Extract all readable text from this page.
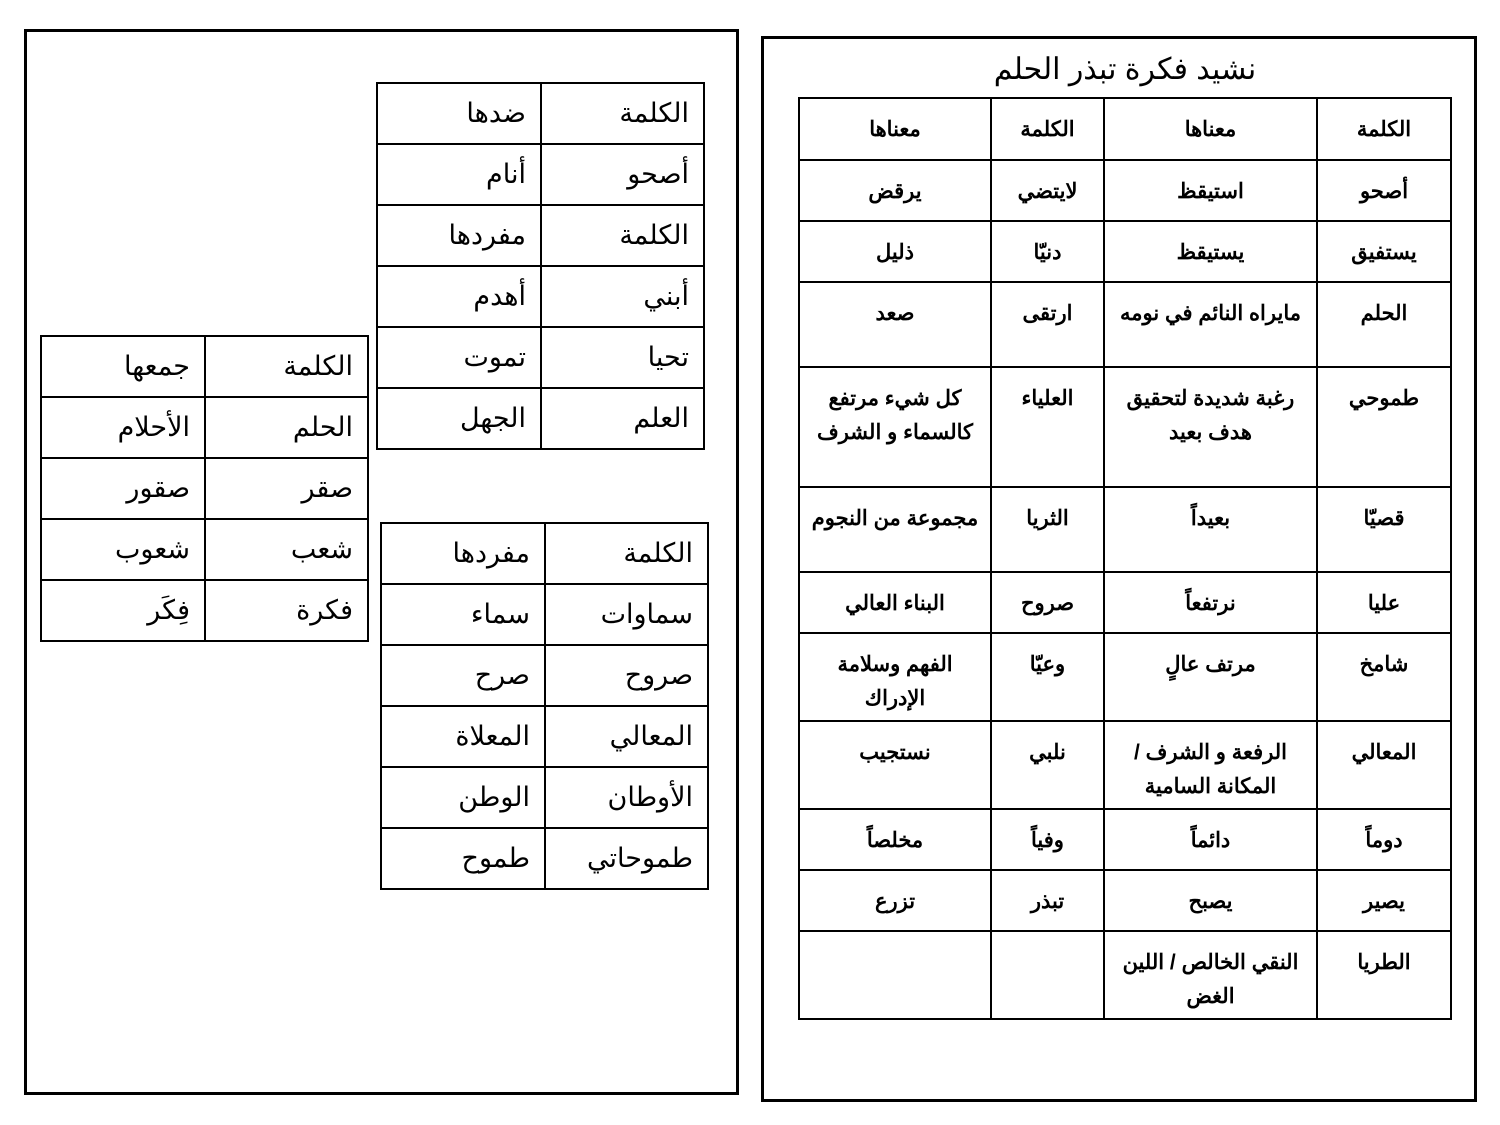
الكلمة	ضدها
أصحو	أنام
الكلمة	مفردها
أبني	أهدم
تحيا	تموت
العلم	الجهل
الكلمة	جمعها
الحلم	الأحلام
صقر	صقور
شعب	شعوب
فكرة	فِكَر
الكلمة	مفردها
سماوات	سماء
صروح	صرح
المعالي	المعلاة
الأوطان	الوطن
طموحاتي	طموح
نشيد فكرة تبذر الحلم
الكلمة	معناها	الكلمة	معناها
أصحو	استيقظ	لايتضي	يرقض
يستفيق	يستيقظ	دنيّا	ذليل
الحلم	مايراه النائم في نومه	ارتقى	صعد
طموحي	رغبة شديدة لتحقيق هدف بعيد	العلياء	كل شيء مرتفع كالسماء و الشرف
قصيّا	بعيداً	الثريا	مجموعة من النجوم
عليا	نرتفعاً	صروح	البناء العالي
شامخ	مرتف عالٍ	وعيّا	الفهم وسلامة الإدراك
المعالي	الرفعة و الشرف / المكانة السامية	نلبي	نستجيب
دوماً	دائماً	وفياً	مخلصاً
يصير	يصبح	تبذر	تزرع
الطريا	النقي الخالص / اللين الغض		
